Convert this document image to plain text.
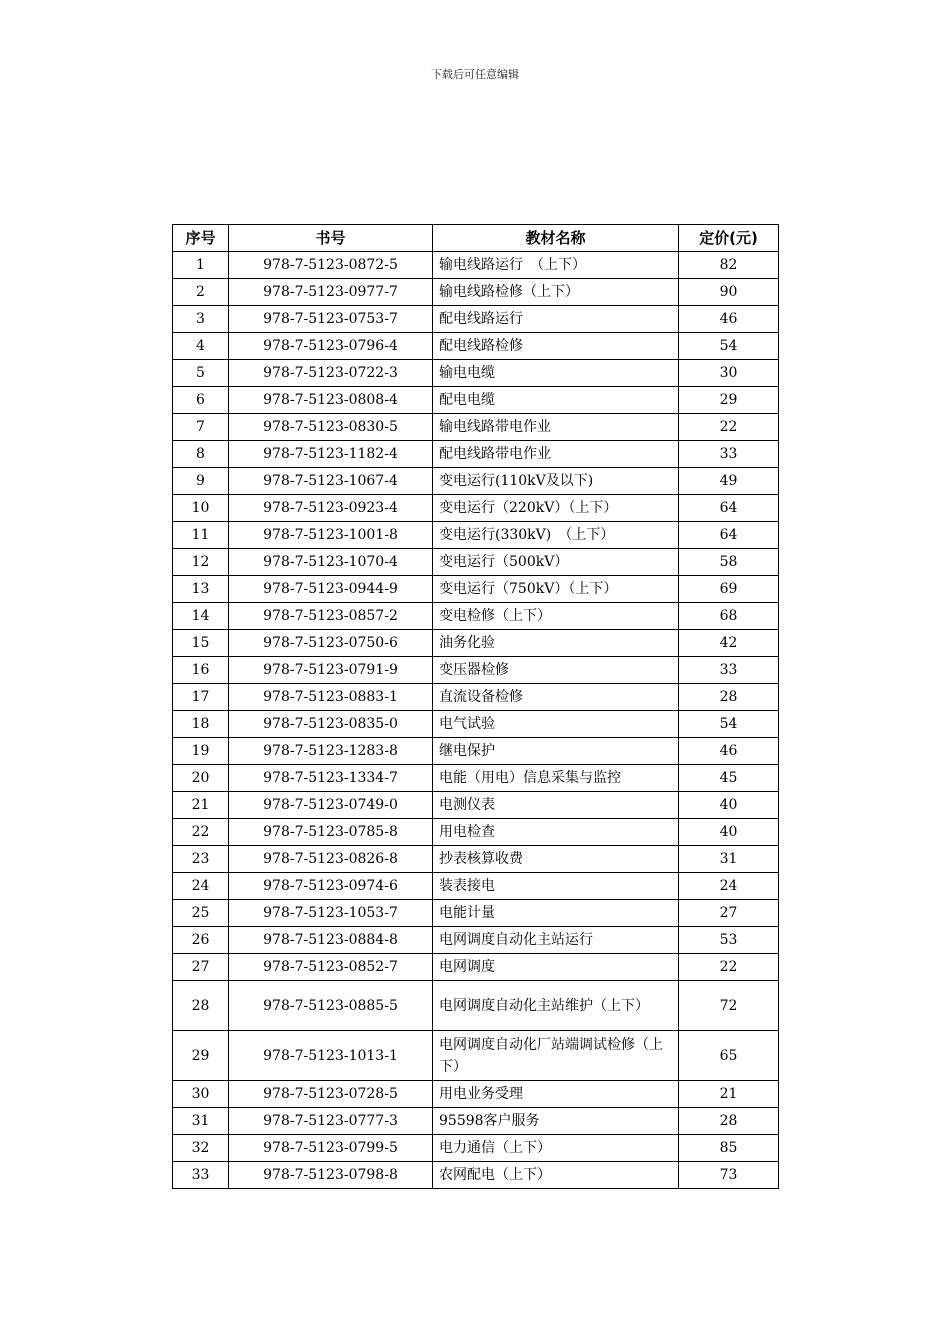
下载后可任意编辑
序号	书号	教材名称	定价(元)
1	978-7-5123-0872-5	输电线路运行　（上下）	82
2	978-7-5123-0977-7	输电线路检修（上下）	90
3	978-7-5123-0753-7	配电线路运行	46
4	978-7-5123-0796-4	配电线路检修	54
5	978-7-5123-0722-3	输电电缆	30
6	978-7-5123-0808-4	配电电缆	29
7	978-7-5123-0830-5	输电线路带电作业	22
8	978-7-5123-1182-4	配电线路带电作业	33
9	978-7-5123-1067-4	变电运行(110kV及以下)	49
10	978-7-5123-0923-4	变电运行（220kV）（上下）	64
11	978-7-5123-1001-8	变电运行(330kV)　（上下）	64
12	978-7-5123-1070-4	变电运行（500kV）	58
13	978-7-5123-0944-9	变电运行（750kV）（上下）	69
14	978-7-5123-0857-2	变电检修（上下）	68
15	978-7-5123-0750-6	油务化验	42
16	978-7-5123-0791-9	变压器检修	33
17	978-7-5123-0883-1	直流设备检修	28
18	978-7-5123-0835-0	电气试验	54
19	978-7-5123-1283-8	继电保护	46
20	978-7-5123-1334-7	电能（用电）信息采集与监控	45
21	978-7-5123-0749-0	电测仪表	40
22	978-7-5123-0785-8	用电检查	40
23	978-7-5123-0826-8	抄表核算收费	31
24	978-7-5123-0974-6	装表接电	24
25	978-7-5123-1053-7	电能计量	27
26	978-7-5123-0884-8	电网调度自动化主站运行	53
27	978-7-5123-0852-7	电网调度	22
28	978-7-5123-0885-5	电网调度自动化主站维护（上下）	72
29	978-7-5123-1013-1	电网调度自动化厂站端调试检修（上下）	65
30	978-7-5123-0728-5	用电业务受理	21
31	978-7-5123-0777-3	95598客户服务	28
32	978-7-5123-0799-5	电力通信（上下）	85
33	978-7-5123-0798-8	农网配电（上下）	73
